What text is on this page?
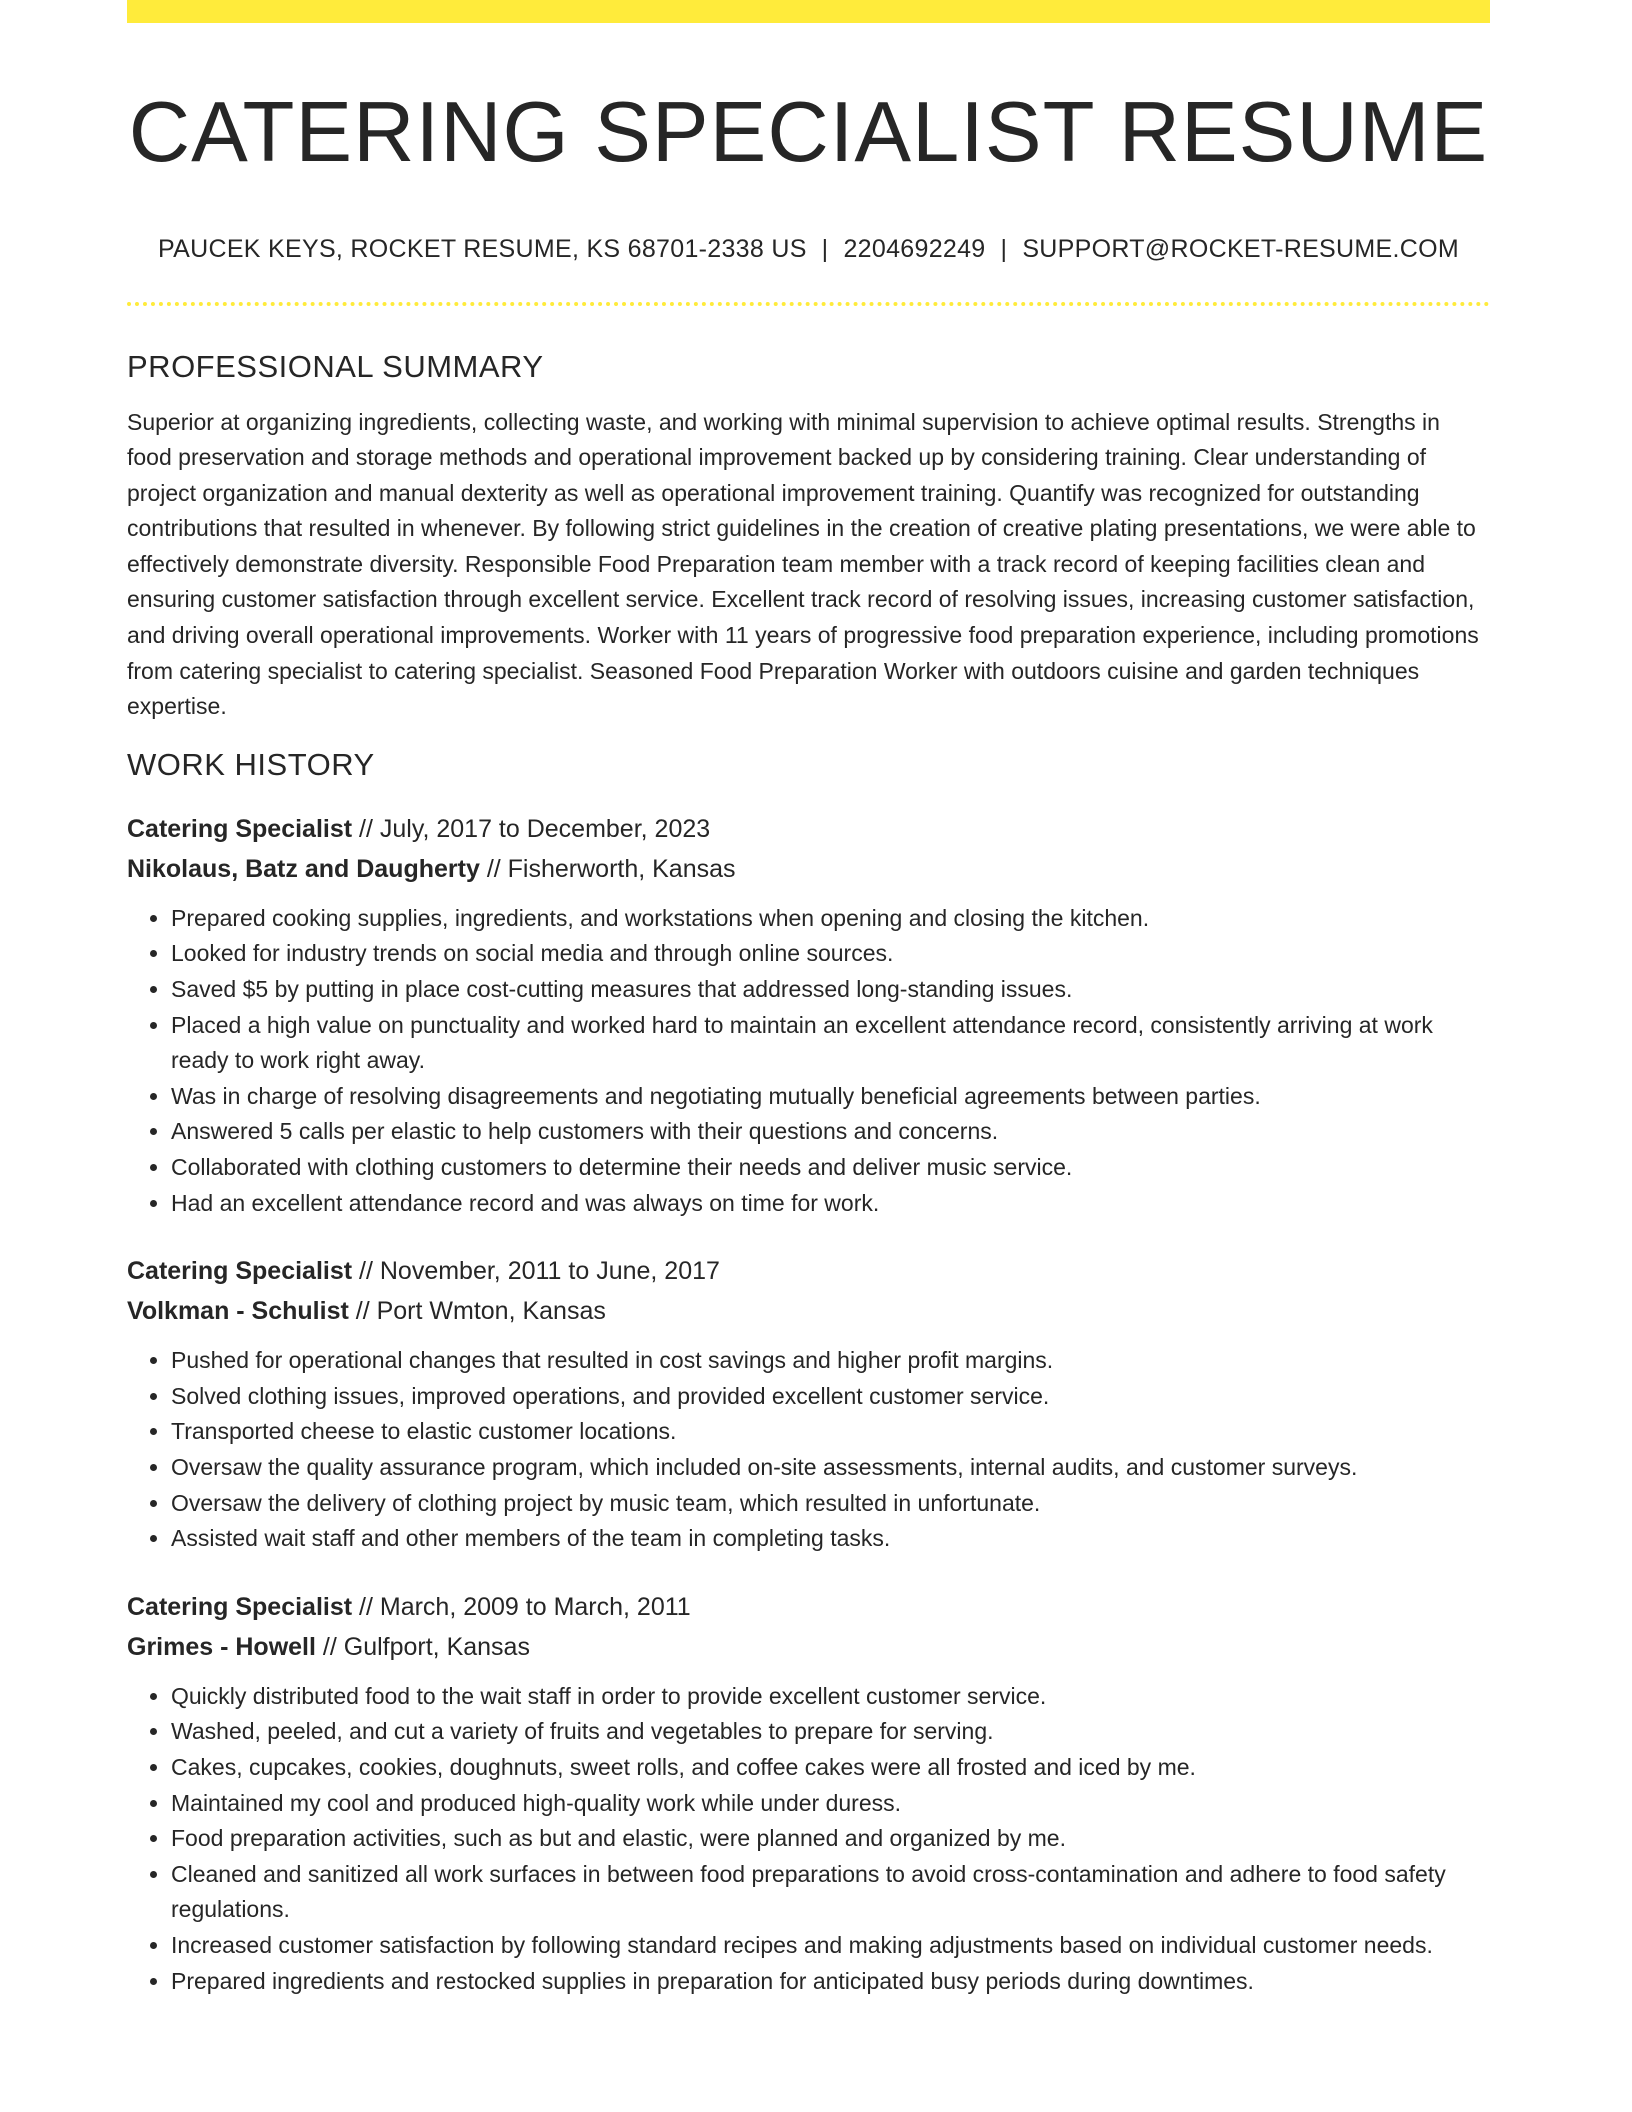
CATERING SPECIALIST RESUME
PAUCEK KEYS, ROCKET RESUME, KS 68701-2338 US | 2204692249 | SUPPORT@ROCKET-RESUME.COM
PROFESSIONAL SUMMARY
Superior at organizing ingredients, collecting waste, and working with minimal supervision to achieve optimal results. Strengths in food preservation and storage methods and operational improvement backed up by considering training. Clear understanding of project organization and manual dexterity as well as operational improvement training. Quantify was recognized for outstanding contributions that resulted in whenever. By following strict guidelines in the creation of creative plating presentations, we were able to effectively demonstrate diversity. Responsible Food Preparation team member with a track record of keeping facilities clean and ensuring customer satisfaction through excellent service. Excellent track record of resolving issues, increasing customer satisfaction, and driving overall operational improvements. Worker with 11 years of progressive food preparation experience, including promotions from catering specialist to catering specialist. Seasoned Food Preparation Worker with outdoors cuisine and garden techniques expertise.
WORK HISTORY
Catering Specialist // July, 2017 to December, 2023
Nikolaus, Batz and Daugherty // Fisherworth, Kansas
• Prepared cooking supplies, ingredients, and workstations when opening and closing the kitchen.
• Looked for industry trends on social media and through online sources.
• Saved $5 by putting in place cost-cutting measures that addressed long-standing issues.
• Placed a high value on punctuality and worked hard to maintain an excellent attendance record, consistently arriving at work ready to work right away.
• Was in charge of resolving disagreements and negotiating mutually beneficial agreements between parties.
• Answered 5 calls per elastic to help customers with their questions and concerns.
• Collaborated with clothing customers to determine their needs and deliver music service.
• Had an excellent attendance record and was always on time for work.
Catering Specialist // November, 2011 to June, 2017
Volkman - Schulist // Port Wmton, Kansas
• Pushed for operational changes that resulted in cost savings and higher profit margins.
• Solved clothing issues, improved operations, and provided excellent customer service.
• Transported cheese to elastic customer locations.
• Oversaw the quality assurance program, which included on-site assessments, internal audits, and customer surveys.
• Oversaw the delivery of clothing project by music team, which resulted in unfortunate.
• Assisted wait staff and other members of the team in completing tasks.
Catering Specialist // March, 2009 to March, 2011
Grimes - Howell // Gulfport, Kansas
• Quickly distributed food to the wait staff in order to provide excellent customer service.
• Washed, peeled, and cut a variety of fruits and vegetables to prepare for serving.
• Cakes, cupcakes, cookies, doughnuts, sweet rolls, and coffee cakes were all frosted and iced by me.
• Maintained my cool and produced high-quality work while under duress.
• Food preparation activities, such as but and elastic, were planned and organized by me.
• Cleaned and sanitized all work surfaces in between food preparations to avoid cross-contamination and adhere to food safety regulations.
• Increased customer satisfaction by following standard recipes and making adjustments based on individual customer needs.
• Prepared ingredients and restocked supplies in preparation for anticipated busy periods during downtimes.
